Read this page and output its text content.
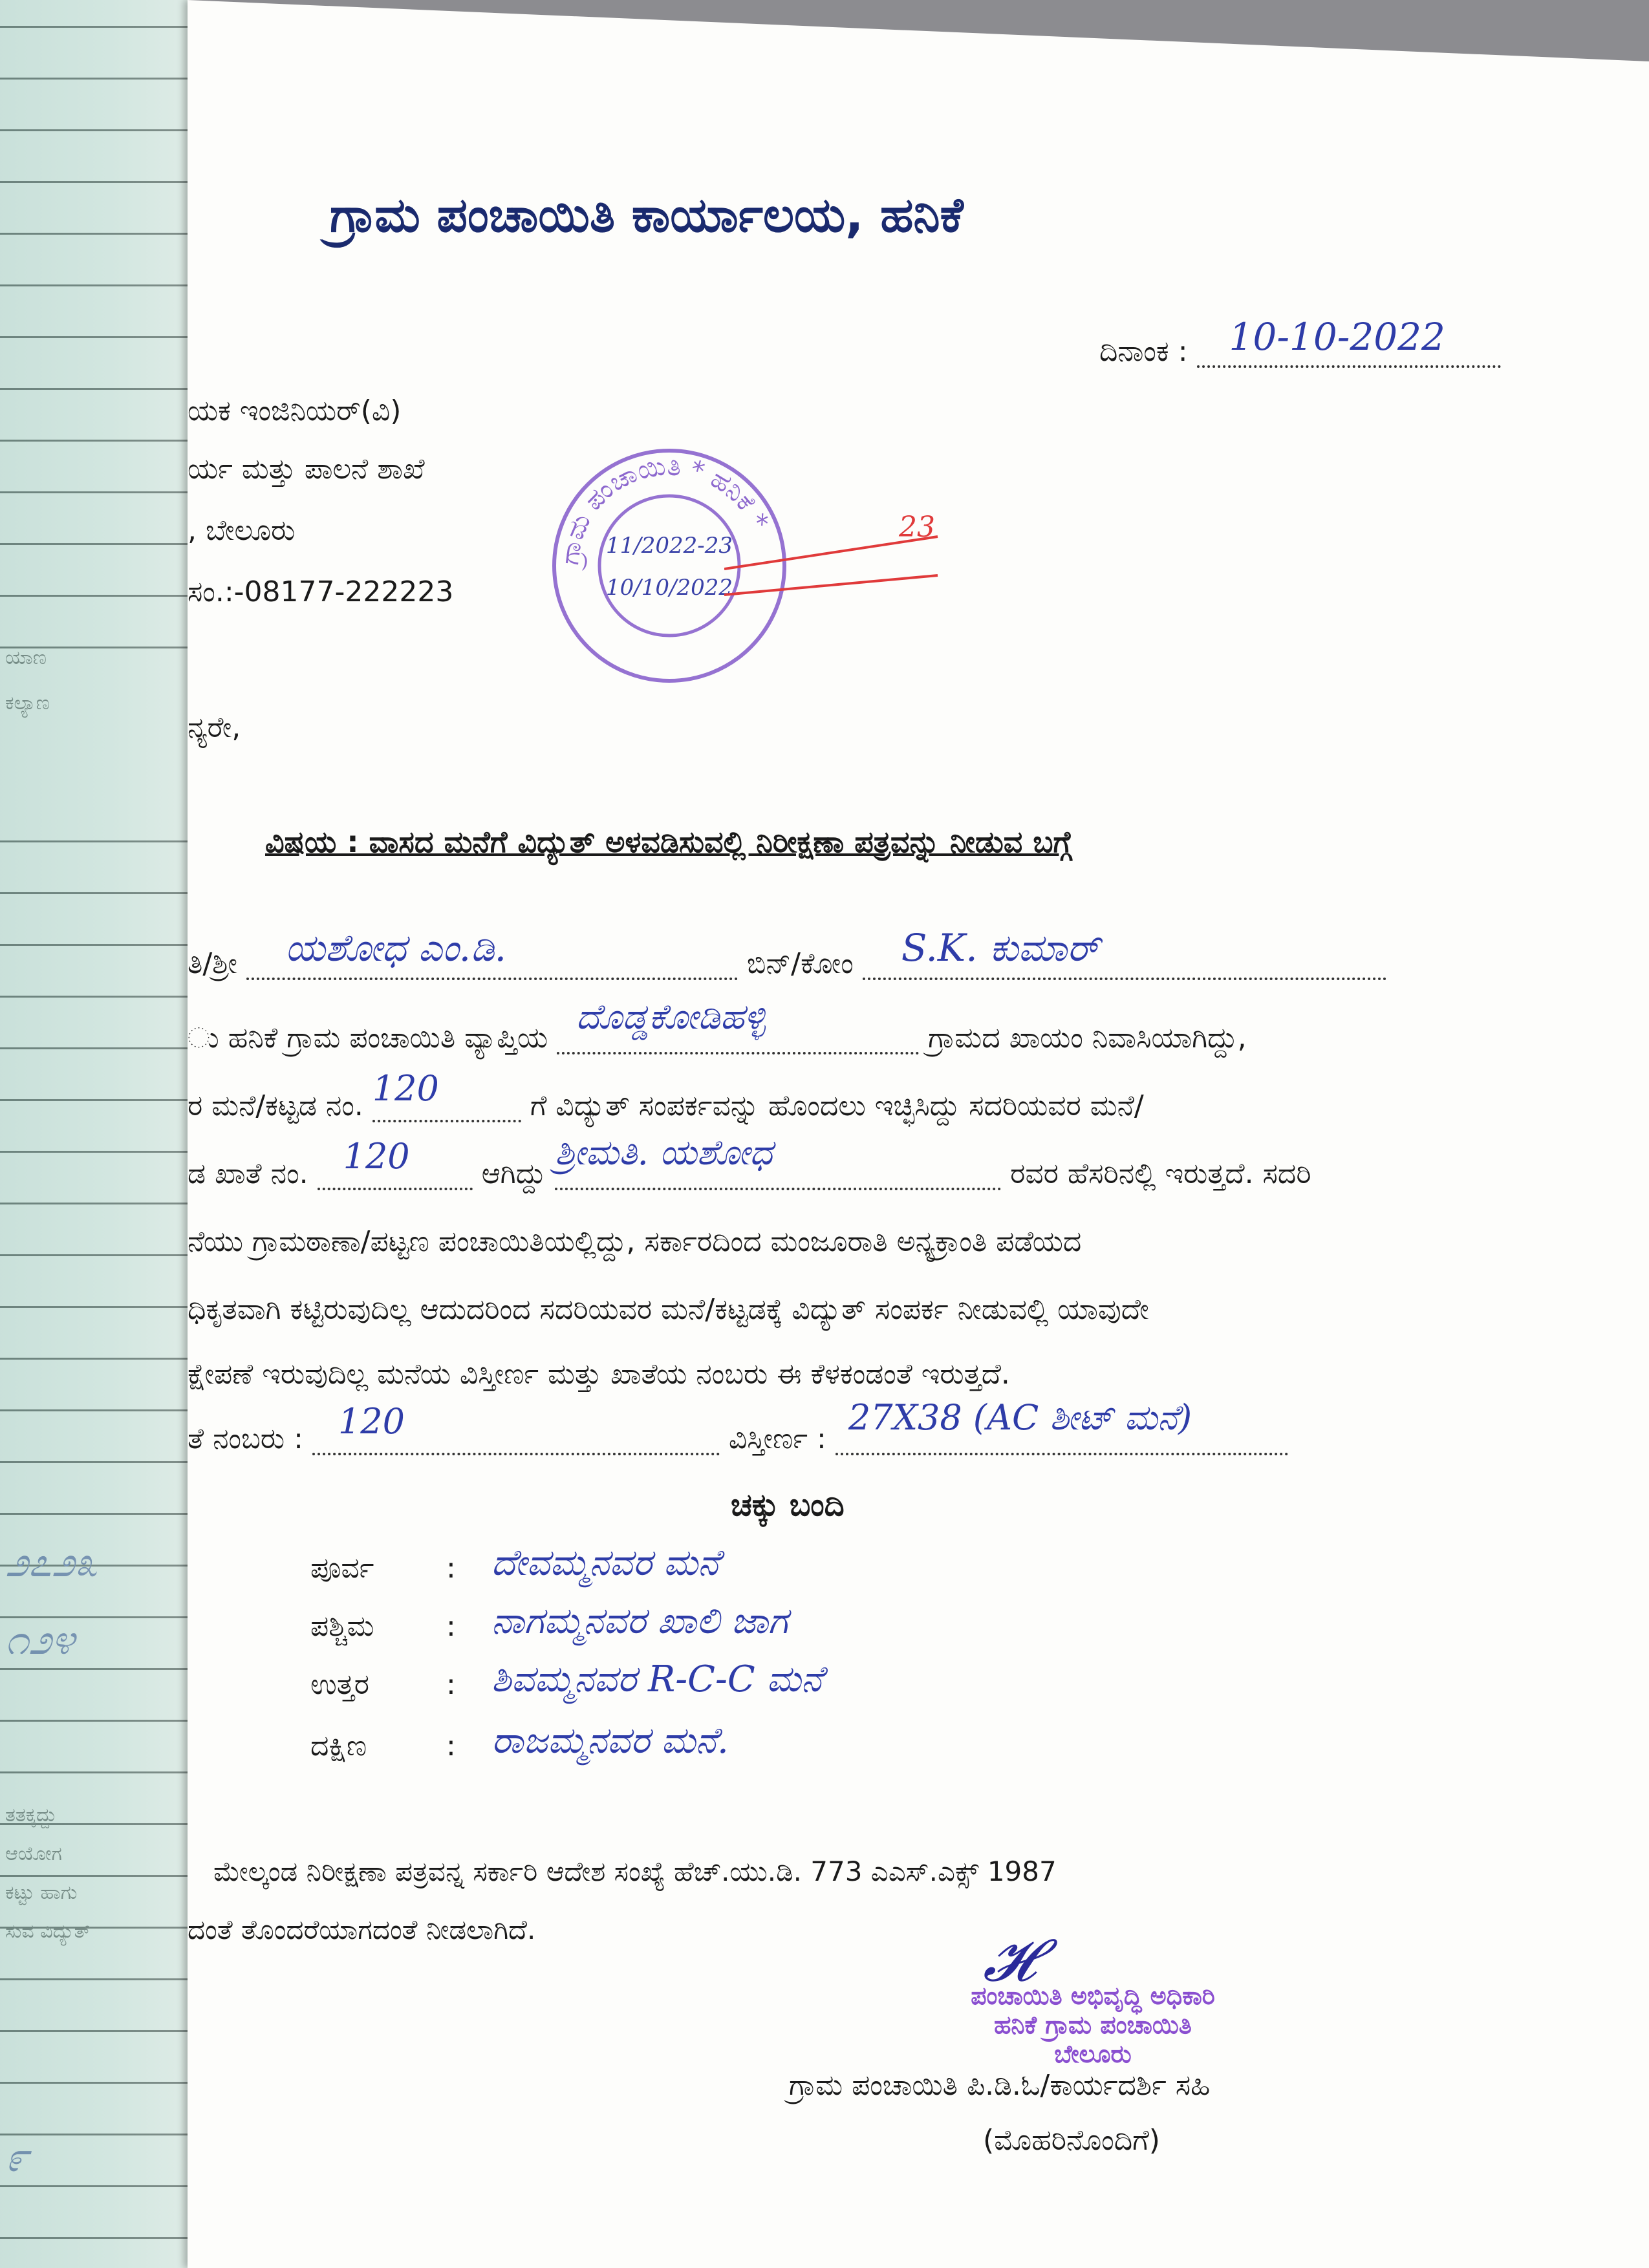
ಗ್ರಾಮ ಪಂಚಾಯಿತಿ ಕಾರ್ಯಾಲಯ, ಹನಿಕೆ
ದಿನಾಂಕ : 10-10-2022
ಯಕ ಇಂಜಿನಿಯರ್(ವಿ)
ರ್ಯ ಮತ್ತು ಪಾಲನೆ ಶಾಖೆ
, ಬೇಲೂರು
ಸಂ.:-08177-222223
ನ್ಯರೇ,
ಗ್ರಾಮ ಪಂಚಾಯಿತಿ * ಹನಿಕೆ *
11/2022-23
10/10/2022
23
ವಿಷಯ : ವಾಸದ ಮನೆಗೆ ವಿದ್ಯುತ್ ಅಳವಡಿಸುವಲ್ಲಿ ನಿರೀಕ್ಷಣಾ ಪತ್ರವನ್ನು ನೀಡುವ ಬಗ್ಗೆ
ತಿ/ಶ್ರೀ ಯಶೋಧ ಎಂ.ಡಿ.	ಬಿನ್/ಕೋಂ S.K. ಕುಮಾರ್
ು ಹನಿಕೆ ಗ್ರಾಮ ಪಂಚಾಯಿತಿ ವ್ಯಾಪ್ತಿಯ
ದೊಡ್ಡಕೋಡಿಹಳ್ಳಿ
ಗ್ರಾಮದ ಖಾಯಂ ನಿವಾಸಿಯಾಗಿದ್ದು,
ರ ಮನೆ/ಕಟ್ಟಡ ನಂ. 120	ಗೆ ವಿದ್ಯುತ್ ಸಂಪರ್ಕವನ್ನು ಹೊಂದಲು ಇಚ್ಛಿಸಿದ್ದು ಸದರಿಯವರ ಮನೆ/
ಡ ಖಾತೆ ನಂ. 120	ಆಗಿದ್ದು
ಶ್ರೀಮತಿ. ಯಶೋಧ
ರವರ ಹೆಸರಿನಲ್ಲಿ ಇರುತ್ತದೆ. ಸದರಿ
ನೆಯು ಗ್ರಾಮಠಾಣಾ/ಪಟ್ಟಣ ಪಂಚಾಯಿತಿಯಲ್ಲಿದ್ದು, ಸರ್ಕಾರದಿಂದ ಮಂಜೂರಾತಿ ಅನ್ಯಕ್ರಾಂತಿ ಪಡೆಯದ
ಧಿಕೃತವಾಗಿ ಕಟ್ಟಿರುವುದಿಲ್ಲ ಆದುದರಿಂದ ಸದರಿಯವರ ಮನೆ/ಕಟ್ಟಡಕ್ಕೆ ವಿದ್ಯುತ್ ಸಂಪರ್ಕ ನೀಡುವಲ್ಲಿ ಯಾವುದೇ
ಕ್ಷೇಪಣೆ ಇರುವುದಿಲ್ಲ ಮನೆಯ ವಿಸ್ತೀರ್ಣ ಮತ್ತು ಖಾತೆಯ ನಂಬರು ಈ ಕೆಳಕಂಡಂತೆ ಇರುತ್ತದೆ.
ತೆ ನಂಬರು : 120	ವಿಸ್ತೀರ್ಣ :
27X38 (AC ಶೀಟ್ ಮನೆ)
ಚಕ್ಕು ಬಂದಿ
ಪೂರ್ವ	: ದೇವಮ್ಮನವರ ಮನೆ
ಪಶ್ಚಿಮ	: ನಾಗಮ್ಮನವರ ಖಾಲಿ ಜಾಗ
ಉತ್ತರ	: ಶಿವಮ್ಮನವರ R-C-C ಮನೆ
ದಕ್ಷಿಣ	: ರಾಜಮ್ಮನವರ ಮನೆ.
ಮೇಲ್ಕಂಡ ನಿರೀಕ್ಷಣಾ ಪತ್ರವನ್ನ ಸರ್ಕಾರಿ ಆದೇಶ ಸಂಖ್ಯೆ ಹೆಚ್.ಯು.ಡಿ. 773 ಎಎಸ್.ಎಕ್ಸ್ 1987
ದಂತೆ ತೊಂದರೆಯಾಗದಂತೆ ನೀಡಲಾಗಿದೆ.	𝓗
ಪಂಚಾಯಿತಿ ಅಭಿವೃದ್ಧಿ ಅಧಿಕಾರಿ
ಹನಿಕೆ ಗ್ರಾಮ ಪಂಚಾಯಿತಿ
ಬೇಲೂರು
ಗ್ರಾಮ ಪಂಚಾಯಿತಿ ಪಿ.ಡಿ.ಓ/ಕಾರ್ಯದರ್ಶಿ ಸಹಿ
(ಮೊಹರಿನೊಂದಿಗೆ)
